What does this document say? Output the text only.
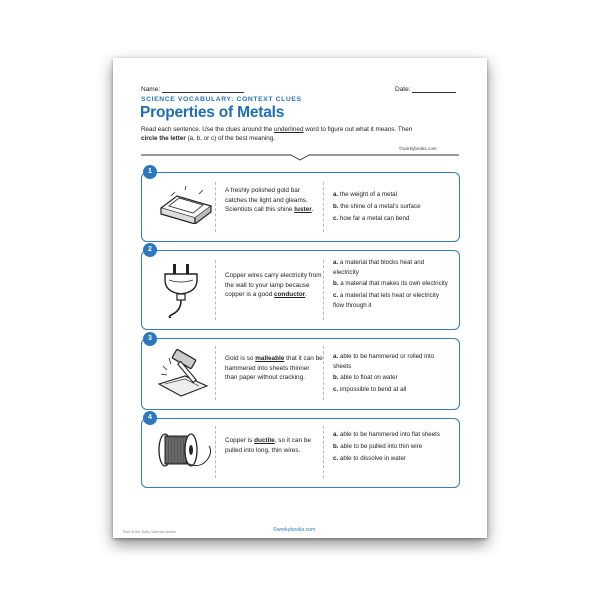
Name:	Date:
SCIENCE VOCABULARY: CONTEXT CLUES
Properties of Metals
Read each sentence. Use the clues around the underlined word to figure out what it means. Then
circle the letter (a, b, or c) of the best meaning.
©workybooks.com
1
A freshly polished gold bar catches the light and gleams. Scientists call this shine luster.
a. the weight of a metal
b. the shine of a metal's surface
c. how far a metal can bend
2
Copper wires carry electricity from the wall to your lamp because copper is a good conductor.
a. a material that blocks heat and electricity
b. a material that makes its own electricity
c. a material that lets heat or electricity flow through it
3
Gold is so malleable that it can be hammered into sheets thinner than paper without cracking.
a. able to be hammered or rolled into sheets
b. able to float on water
c. impossible to bend at all
4
Copper is ductile, so it can be pulled into long, thin wires.
a. able to be hammered into flat sheets
b. able to be pulled into thin wire
c. able to dissolve in water
Part of the Daily Science series	©workybooks.com
